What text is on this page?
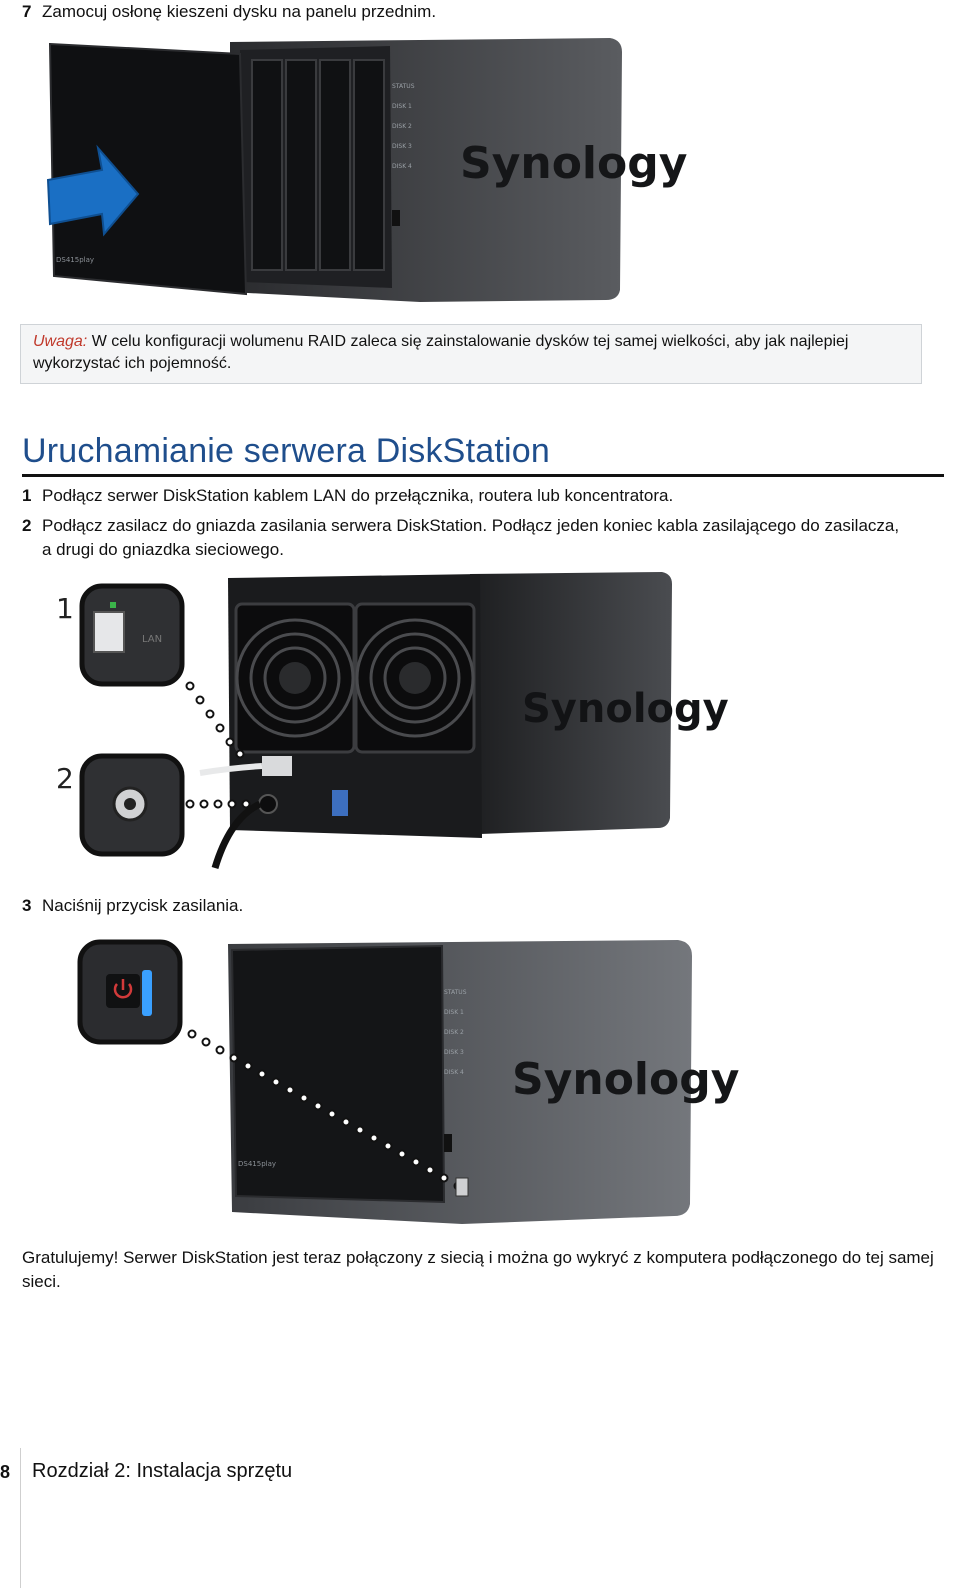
7 Zamocuj osłonę kieszeni dysku na panelu przednim.
STATUS
DISK 1
DISK 2
DISK 3
DISK 4 Synology
DS415play
Uwaga: W celu konfiguracji wolumenu RAID zaleca się zainstalowanie dysków tej samej wielkości, aby jak najlepiej wykorzystać ich pojemność.
Uruchamianie serwera DiskStation
1 Podłącz serwer DiskStation kablem LAN do przełącznika, routera lub koncentratora.
2 Podłącz zasilacz do gniazda zasilania serwera DiskStation. Podłącz jeden koniec kabla zasilającego do zasilacza, a drugi do gniazdka sieciowego.
Synology
1
2
LAN
3 Naciśnij przycisk zasilania.
STATUS
DISK 1
DISK 2
DISK 3
DISK 4 Synology
DS415play
Gratulujemy! Serwer DiskStation jest teraz połączony z siecią i można go wykryć z komputera podłączonego do tej samej sieci.
8 Rozdział 2: Instalacja sprzętu
